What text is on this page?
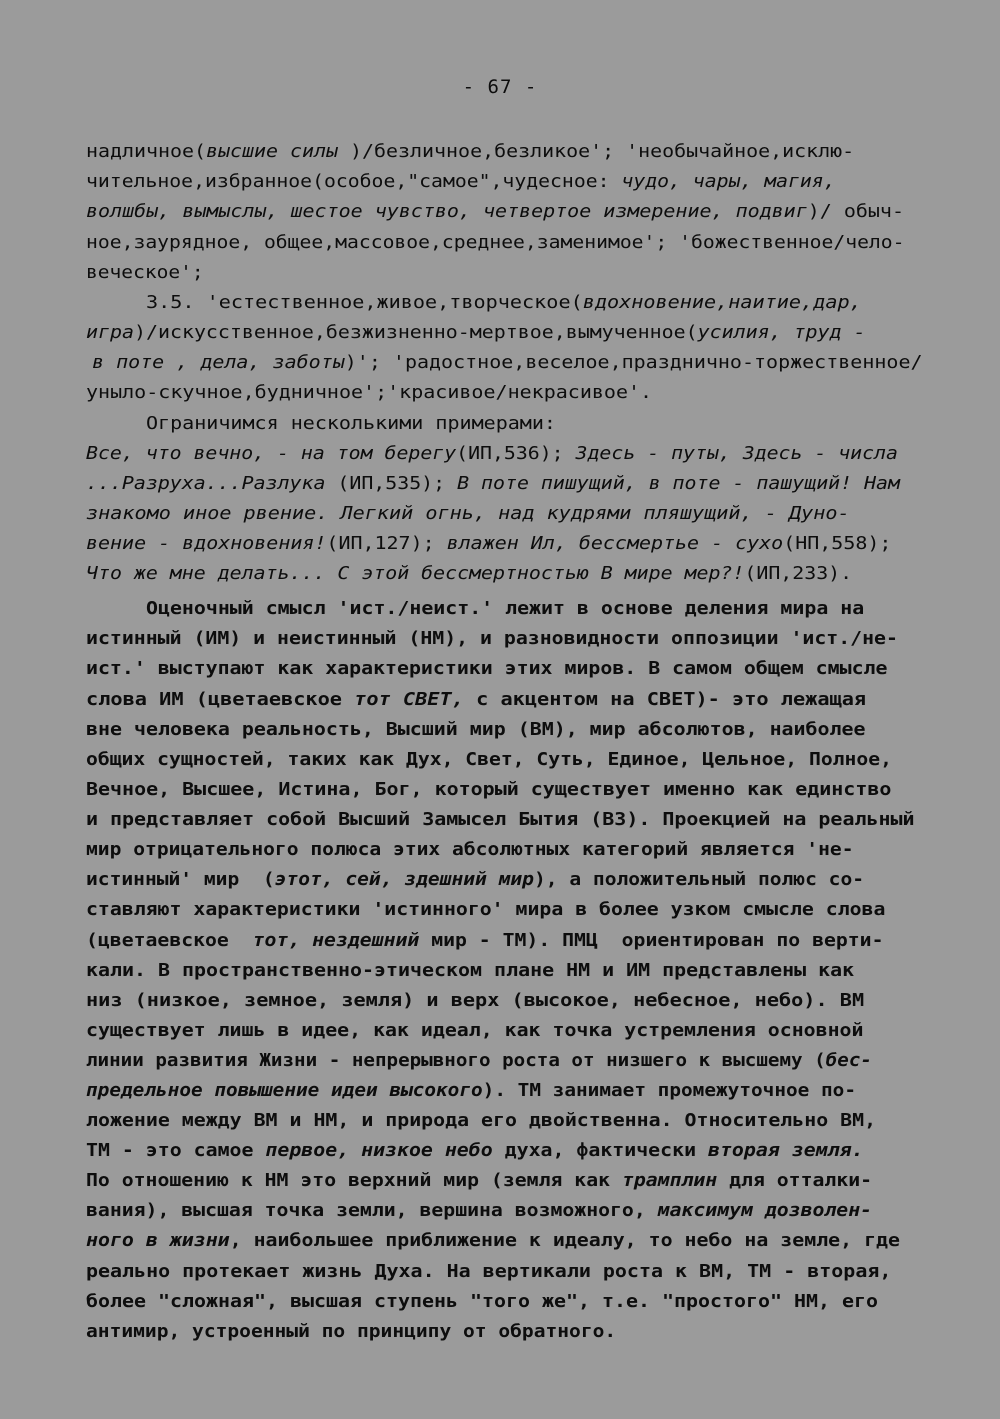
- 67 -
надличное(высшие силы )/безличное,безликое'; 'необычайное,исклю-
чительное,избранное(особое,"самое",чудесное: чудо, чары, магия,
волшбы, вымыслы, шестое чувство, четвертое измерение, подвиг)/ обыч-
ное,заурядное, общее,массовое,среднее,заменимое'; 'божественное/чело-
веческое';
3.5. 'естественное,живое,творческое(вдохновение,наитие,дар,
игра)/искусственное,безжизненно-мертвое,вымученное(усилия, труд -
в поте , дела, заботы)'; 'радостное,веселое,празднично-торжественное/
уныло-скучное,будничное';'красивое/некрасивое'.
Ограничимся несколькими примерами:
Все, что вечно, - на том берегу(ИП,536); Здесь - путы, Здесь - числа
...Разруха...Разлука (ИП,535); В поте пишущий, в поте - пашущий! Нам
знакомо иное рвение. Легкий огнь, над кудрями пляшущий, - Дуно-
вение - вдохновения!(ИП,127); влажен Ил, бессмертье - сухо(НП,558);
Что же мне делать... С этой бессмертностью В мире мер?!(ИП,233).
Оценочный смысл 'ист./неист.' лежит в основе деления мира на
истинный (ИМ) и неистинный (НМ), и разновидности оппозиции 'ист./не-
ист.' выступают как характеристики этих миров. В самом общем смысле
слова ИМ (цветаевское тот СВЕТ, с акцентом на СВЕТ)- это лежащая
вне человека реальность, Высший мир (ВМ), мир абсолютов, наиболее
общих сущностей, таких как Дух, Свет, Суть, Единое, Цельное, Полное,
Вечное, Высшее, Истина, Бог, который существует именно как единство
и представляет собой Высший Замысел Бытия (ВЗ). Проекцией на реальный
мир отрицательного полюса этих абсолютных категорий является 'не-
истинный' мир  (этот, сей, здешний мир), а положительный полюс со-
ставляют характеристики 'истинного' мира в более узком смысле слова
(цветаевское  тот, нездешний мир - ТМ). ПМЦ  ориентирован по верти-
кали. В пространственно-этическом плане НМ и ИМ представлены как
низ (низкое, земное, земля) и верх (высокое, небесное, небо). ВМ
существует лишь в идее, как идеал, как точка устремления основной
линии развития Жизни - непрерывного роста от низшего к высшему (бес-
предельное повышение идеи высокого). ТМ занимает промежуточное по-
ложение между ВМ и НМ, и природа его двойственна. Относительно ВМ,
ТМ - это самое первое, низкое небо духа, фактически вторая земля.
По отношению к НМ это верхний мир (земля как трамплин для отталки-
вания), высшая точка земли, вершина возможного, максимум дозволен-
ного в жизни, наибольшее приближение к идеалу, то небо на земле, где
реально протекает жизнь Духа. На вертикали роста к ВМ, ТМ - вторая,
более "сложная", высшая ступень "того же", т.е. "простого" НМ, его
антимир, устроенный по принципу от обратного.
